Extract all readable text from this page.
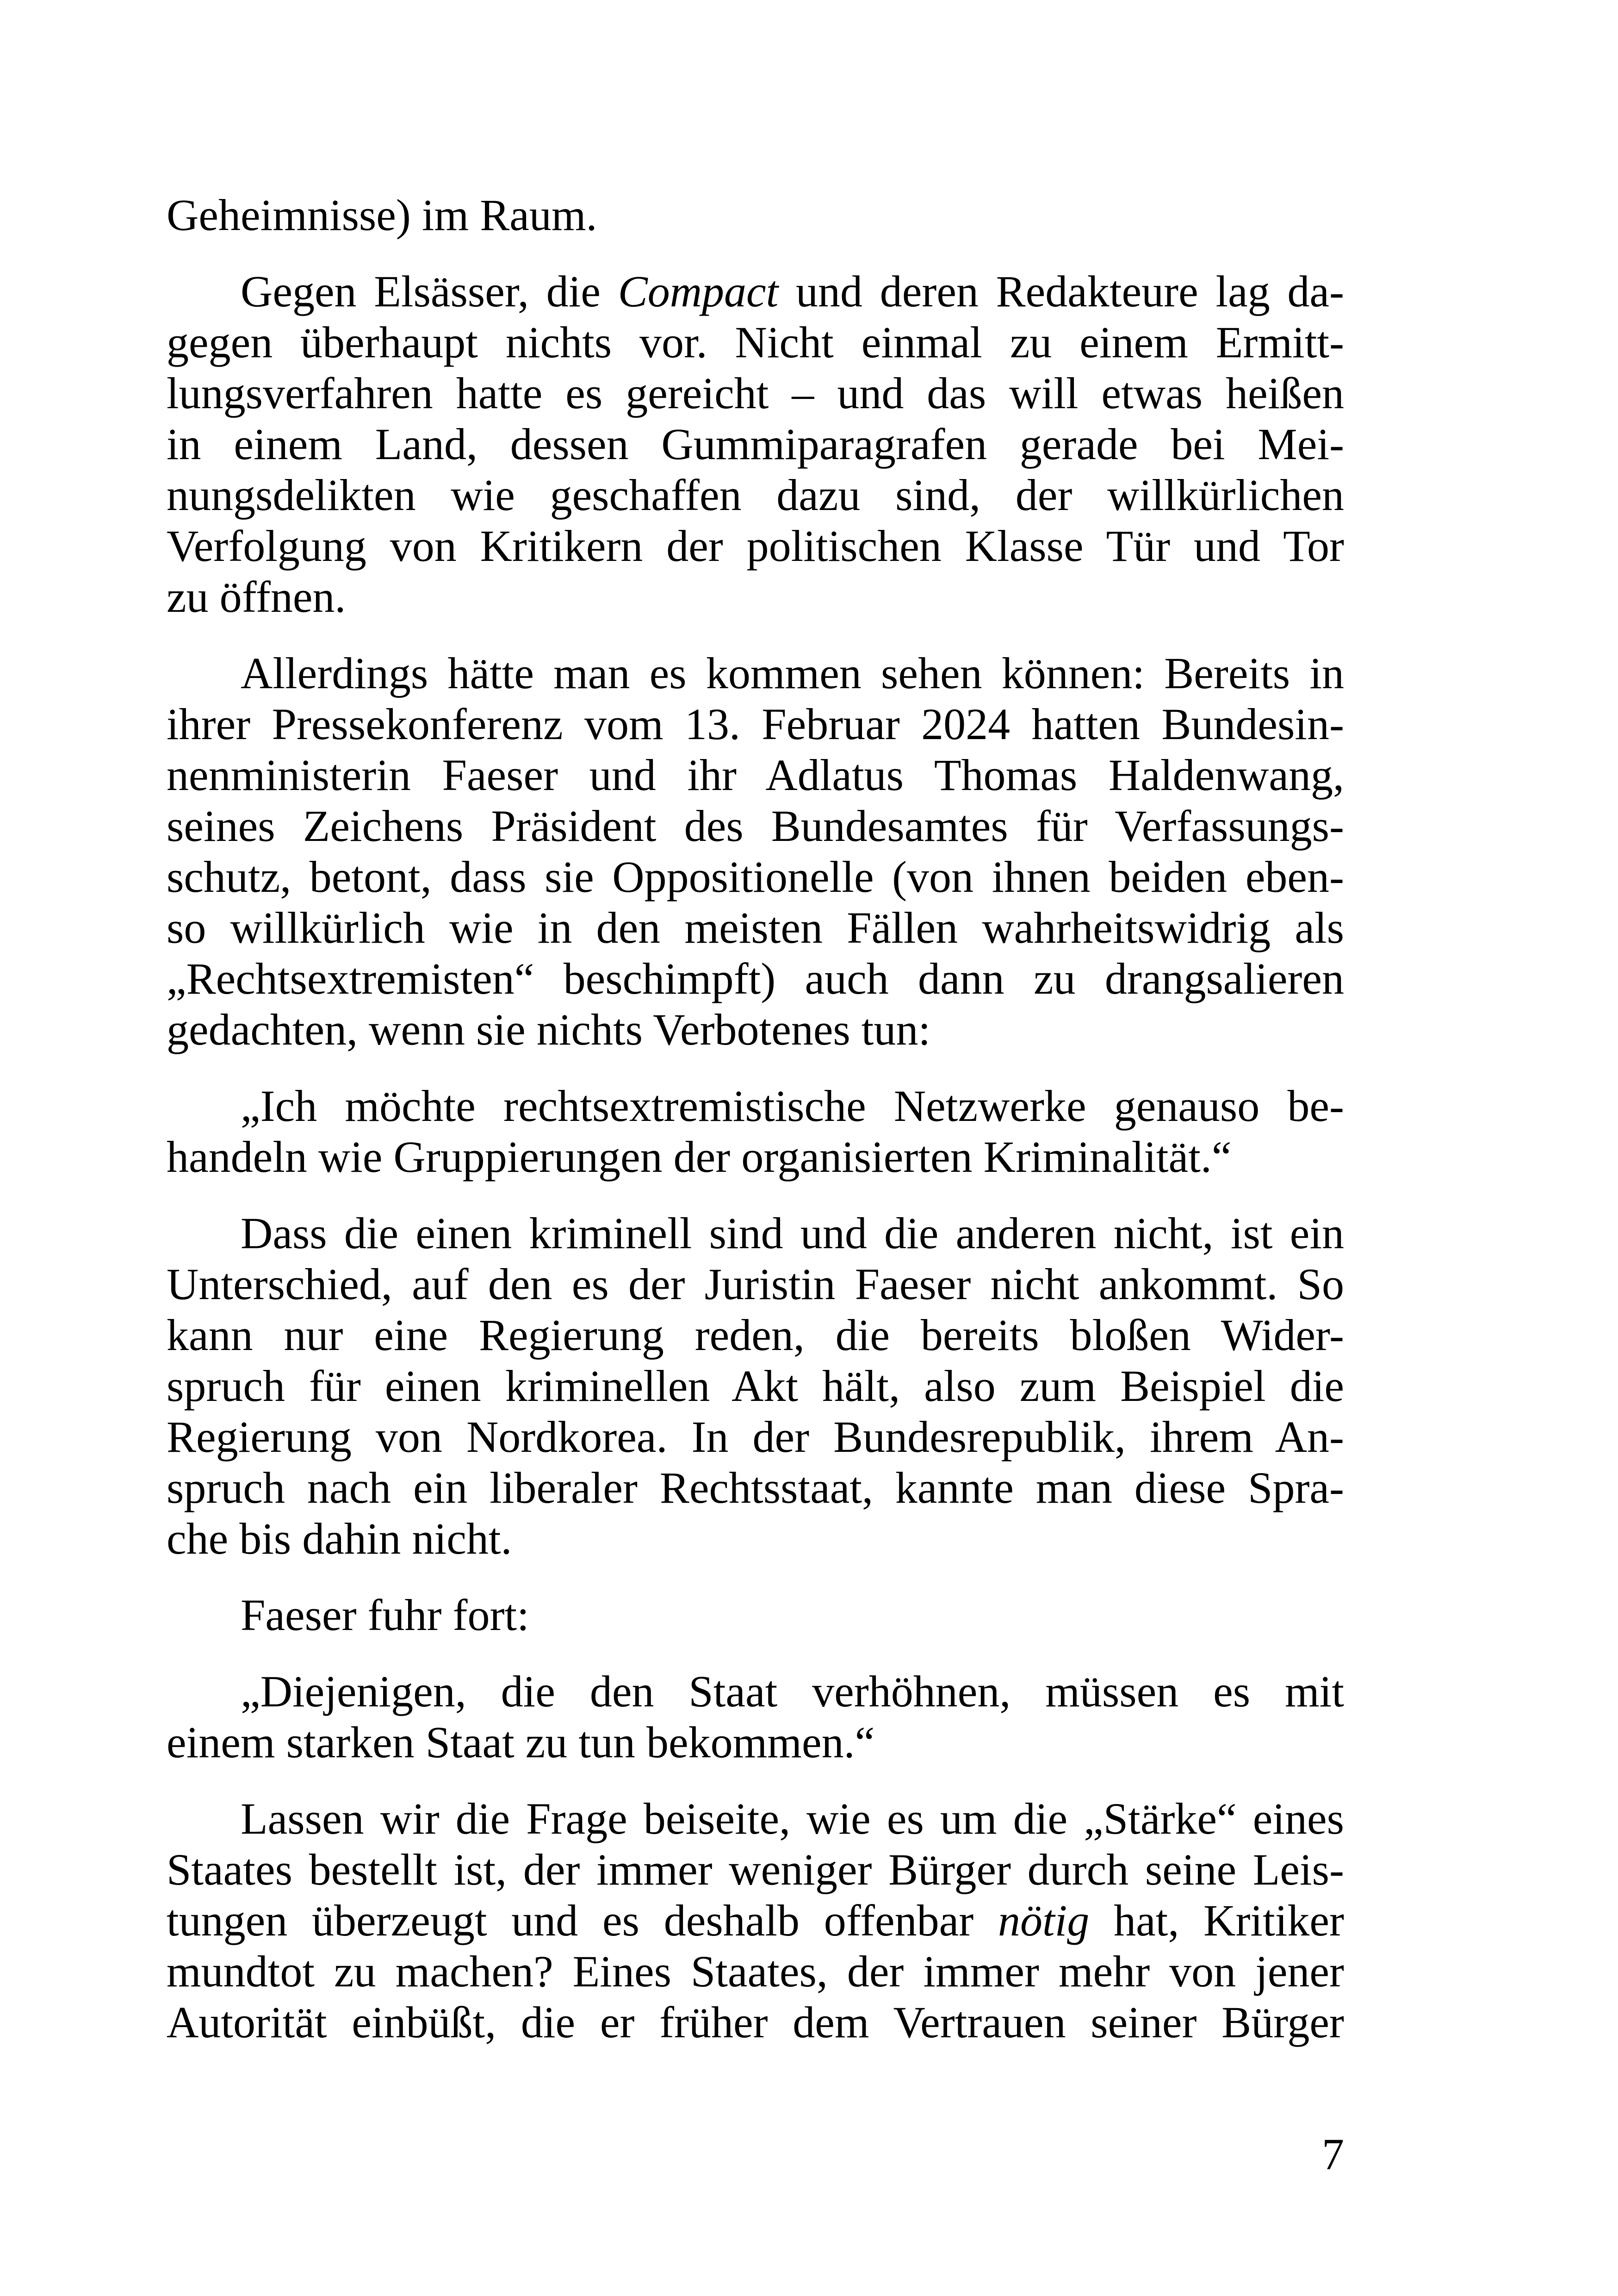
Geheimnisse) im Raum.
Gegen Elsässer, die Compact und deren Redakteure lag da-
gegen überhaupt nichts vor. Nicht einmal zu einem Ermitt-
lungsverfahren hatte es gereicht – und das will etwas heißen
in einem Land, dessen Gummiparagrafen gerade bei Mei-
nungsdelikten wie geschaffen dazu sind, der willkürlichen
Verfolgung von Kritikern der politischen Klasse Tür und Tor
zu öffnen.
Allerdings hätte man es kommen sehen können: Bereits in
ihrer Pressekonferenz vom 13. Februar 2024 hatten Bundesin-
nenministerin Faeser und ihr Adlatus Thomas Haldenwang,
seines Zeichens Präsident des Bundesamtes für Verfassungs-
schutz, betont, dass sie Oppositionelle (von ihnen beiden eben-
so willkürlich wie in den meisten Fällen wahrheitswidrig als
„Rechtsextremisten“ beschimpft) auch dann zu drangsalieren
gedachten, wenn sie nichts Verbotenes tun:
„Ich möchte rechtsextremistische Netzwerke genauso be-
handeln wie Gruppierungen der organisierten Kriminalität.“
Dass die einen kriminell sind und die anderen nicht, ist ein
Unterschied, auf den es der Juristin Faeser nicht ankommt. So
kann nur eine Regierung reden, die bereits bloßen Wider-
spruch für einen kriminellen Akt hält, also zum Beispiel die
Regierung von Nordkorea. In der Bundesrepublik, ihrem An-
spruch nach ein liberaler Rechtsstaat, kannte man diese Spra-
che bis dahin nicht.
Faeser fuhr fort:
„Diejenigen, die den Staat verhöhnen, müssen es mit
einem starken Staat zu tun bekommen.“
Lassen wir die Frage beiseite, wie es um die „Stärke“ eines
Staates bestellt ist, der immer weniger Bürger durch seine Leis-
tungen überzeugt und es deshalb offenbar nötig hat, Kritiker
mundtot zu machen? Eines Staates, der immer mehr von jener
Autorität einbüßt, die er früher dem Vertrauen seiner Bürger
7
